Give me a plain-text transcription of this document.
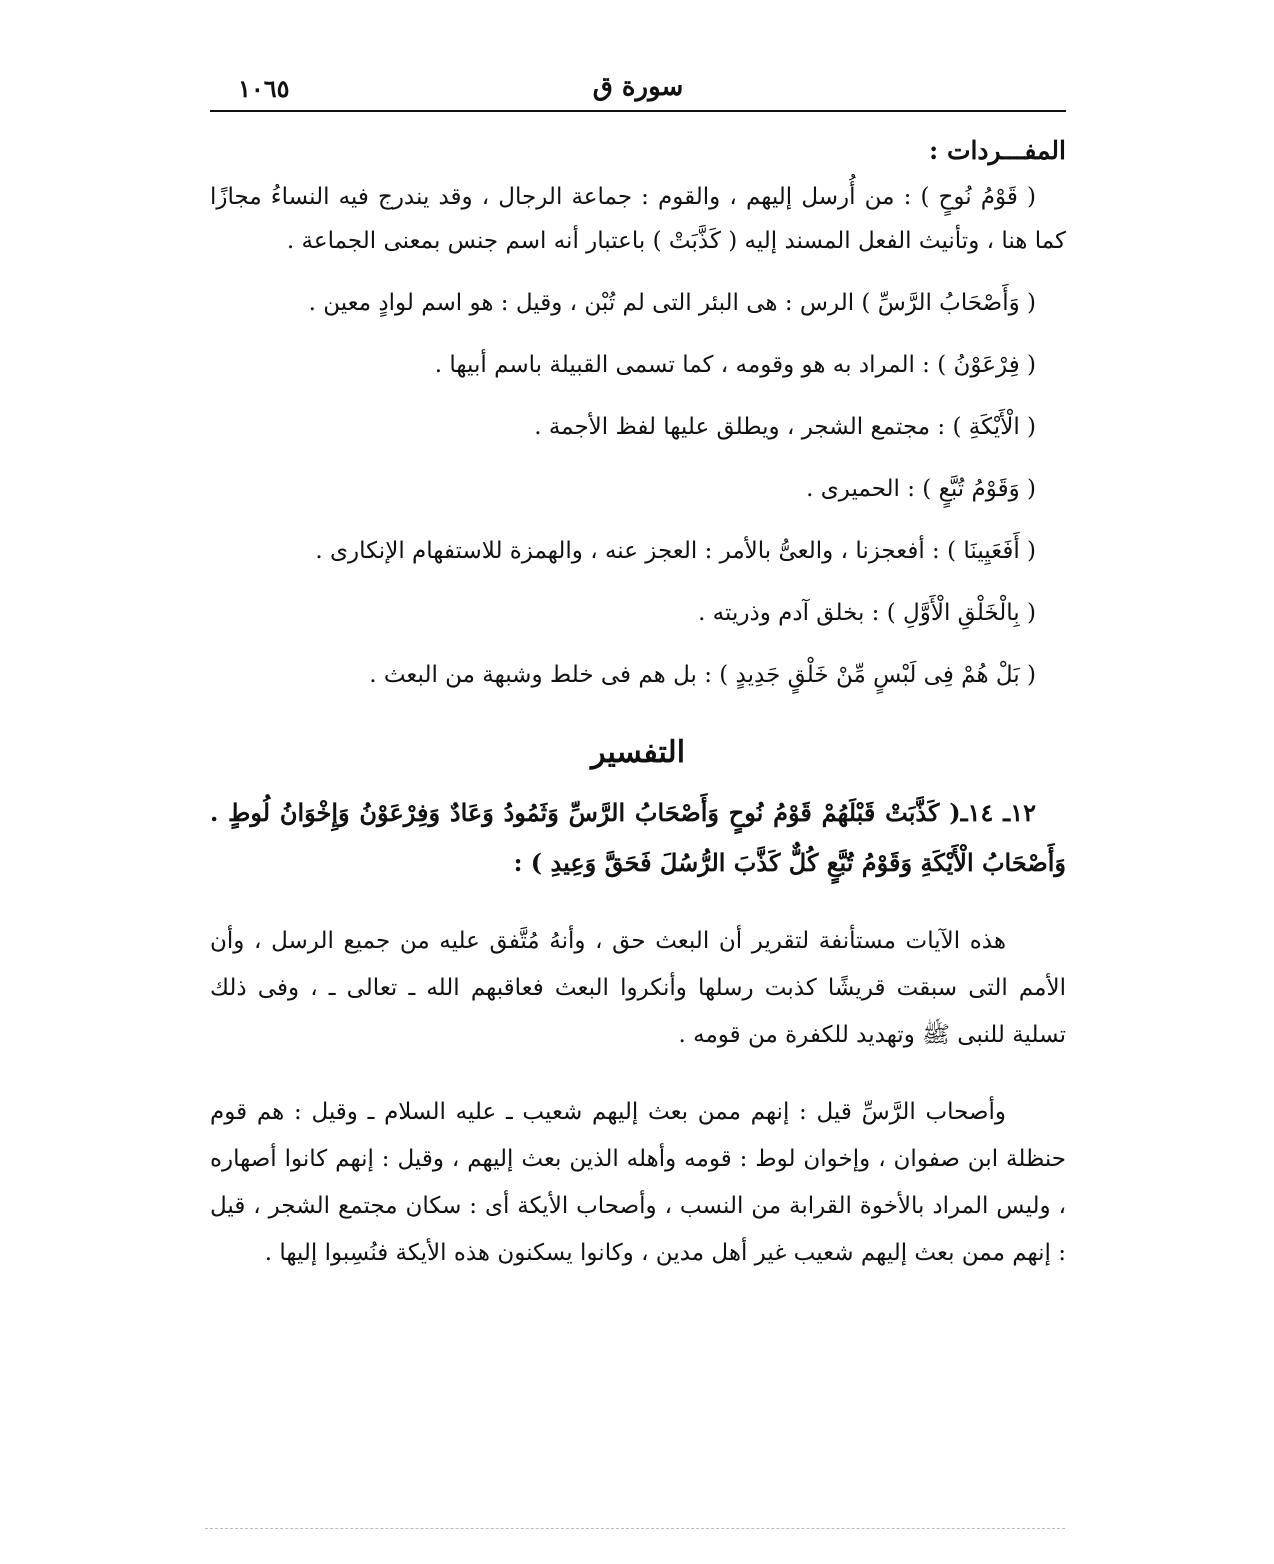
سورة ق
١٠٦٥
المفـــردات :
( قَوْمُ نُوحٍ ) : من أُرسل إليهم ، والقوم : جماعة الرجال ، وقد يندرج فيه النساءُ مجازًا كما هنا ، وتأنيث الفعل المسند إليه ( كَذَّبَتْ ) باعتبار أنه اسم جنس بمعنى الجماعة .
( وَأَصْحَابُ الرَّسِّ ) الرس : هى البئر التى لم تُبْن ، وقيل : هو اسم لوادٍ معين .
( فِرْعَوْنُ ) : المراد به هو وقومه ، كما تسمى القبيلة باسم أبيها .
( الْأَيْكَةِ ) : مجتمع الشجر ، ويطلق عليها لفظ الأجمة .
( وَقَوْمُ تُبَّعٍ ) : الحميرى .
( أَفَعَيِينَا ) : أفعجزنا ، والعىُّ بالأمر : العجز عنه ، والهمزة للاستفهام الإنكارى .
( بِالْخَلْقِ الْأَوَّلِ ) : بخلق آدم وذريته .
( بَلْ هُمْ فِى لَبْسٍ مِّنْ خَلْقٍ جَدِيدٍ ) : بل هم فى خلط وشبهة من البعث .
التفسير
١٢ـ ١٤ـ( كَذَّبَتْ قَبْلَهُمْ قَوْمُ نُوحٍ وَأَصْحَابُ الرَّسِّ وَثَمُودُ وَعَادٌ وَفِرْعَوْنُ وَإِخْوَانُ لُوطٍ . وَأَصْحَابُ الْأَيْكَةِ وَقَوْمُ تُبَّعٍ كُلٌّ كَذَّبَ الرُّسُلَ فَحَقَّ وَعِيدِ ) :
هذه الآيات مستأنفة لتقرير أن البعث حق ، وأنهُ مُتَّفق عليه من جميع الرسل ، وأن الأمم التى سبقت قريشًا كذبت رسلها وأنكروا البعث فعاقبهم الله ـ تعالى ـ ، وفى ذلك تسلية للنبى ﷺ وتهديد للكفرة من قومه .
وأصحاب الرَّسِّ قيل : إنهم ممن بعث إليهم شعيب ـ عليه السلام ـ وقيل : هم قوم حنظلة ابن صفوان ، وإخوان لوط : قومه وأهله الذين بعث إليهم ، وقيل : إنهم كانوا أصهاره ، وليس المراد بالأخوة القرابة من النسب ، وأصحاب الأيكة أى : سكان مجتمع الشجر ، قيل : إنهم ممن بعث إليهم شعيب غير أهل مدين ، وكانوا يسكنون هذه الأيكة فنُسِبوا إليها .
